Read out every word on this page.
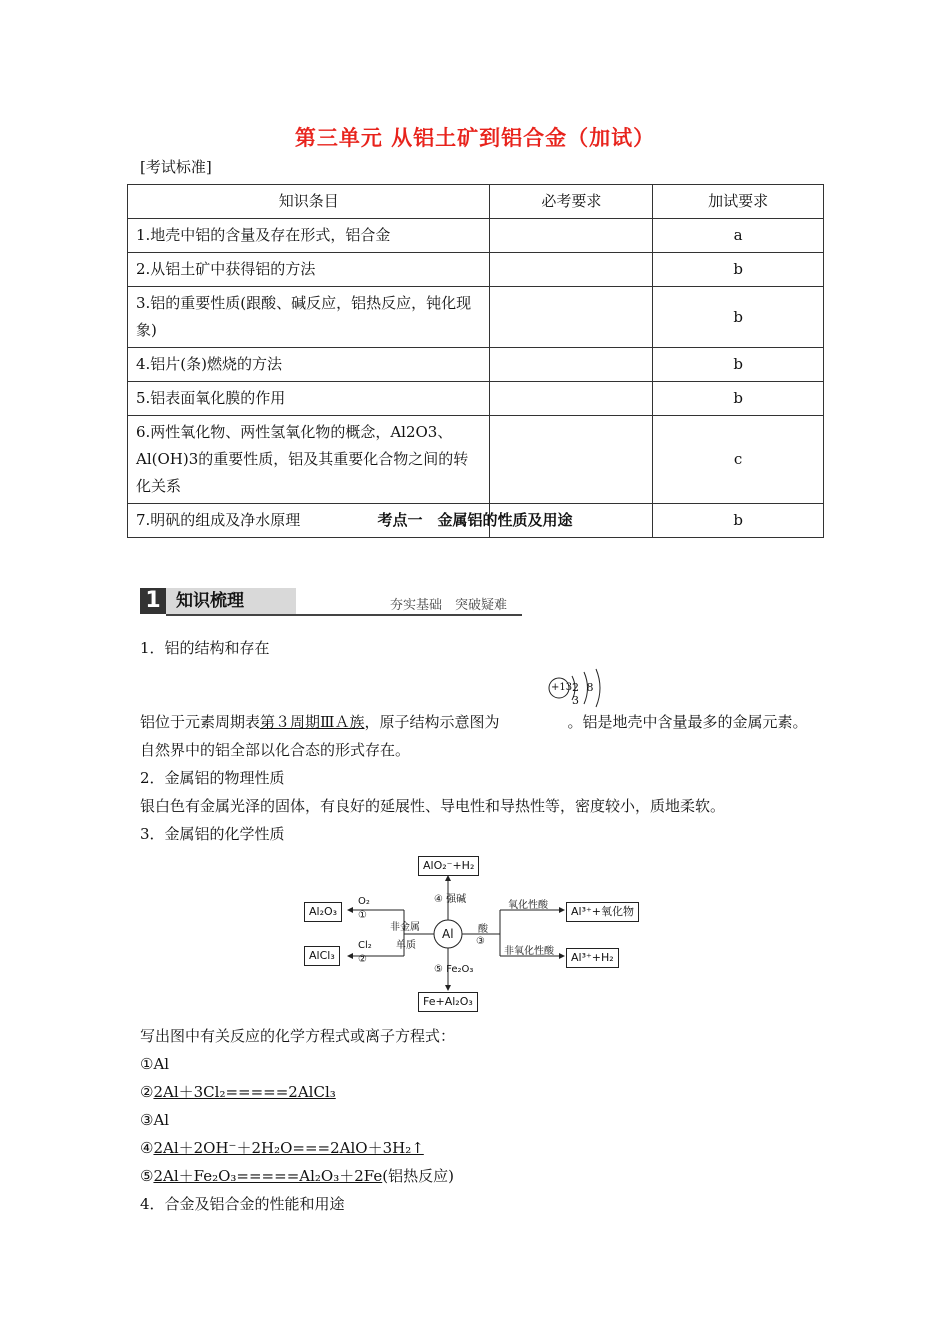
第三单元 从铝土矿到铝合金（加试）
[考试标准]
知识条目	必考要求	加试要求
1.地壳中铝的含量及存在形式，铝合金		a
2.从铝土矿中获得铝的方法		b
3.铝的重要性质(跟酸、碱反应，铝热反应，钝化现象)		b
4.铝片(条)燃烧的方法		b
5.铝表面氧化膜的作用		b
6.两性氧化物、两性氢氧化物的概念，Al2O3、Al(OH)3的重要性质，铝及其重要化合物之间的转化关系		c
7.明矾的组成及净水原理		b
考点一　金属铝的性质及用途
1 知识梳理	夯实基础　突破疑难
1．铝的结构和存在
+13 2 8 3
铝位于元素周期表第３周期ⅢＡ族，原子结构示意图为	。铝是地壳中含量最多的金属元素。自然界中的铝全部以化合态的形式存在。
2．金属铝的物理性质
银白色有金属光泽的固体，有良好的延展性、导电性和导热性等，密度较小，质地柔软。
3．金属铝的化学性质
AlO₂⁻+H₂
④ 强碱
Al₂O₃
O₂
①
AlCl₃
Cl₂
②
非金属
单质
Al 酸
③
氧化性酸	Al³⁺+氧化物
非氧化性酸	Al³⁺+H₂
⑤ Fe₂O₃
Fe+Al₂O₃
写出图中有关反应的化学方程式或离子方程式：
①Al
②2Al＋3Cl₂=====2AlCl₃
③Al
④2Al＋2OH⁻＋2H₂O===2AlO＋3H₂↑
⑤2Al＋Fe₂O₃=====Al₂O₃＋2Fe(铝热反应)
4．合金及铝合金的性能和用途
